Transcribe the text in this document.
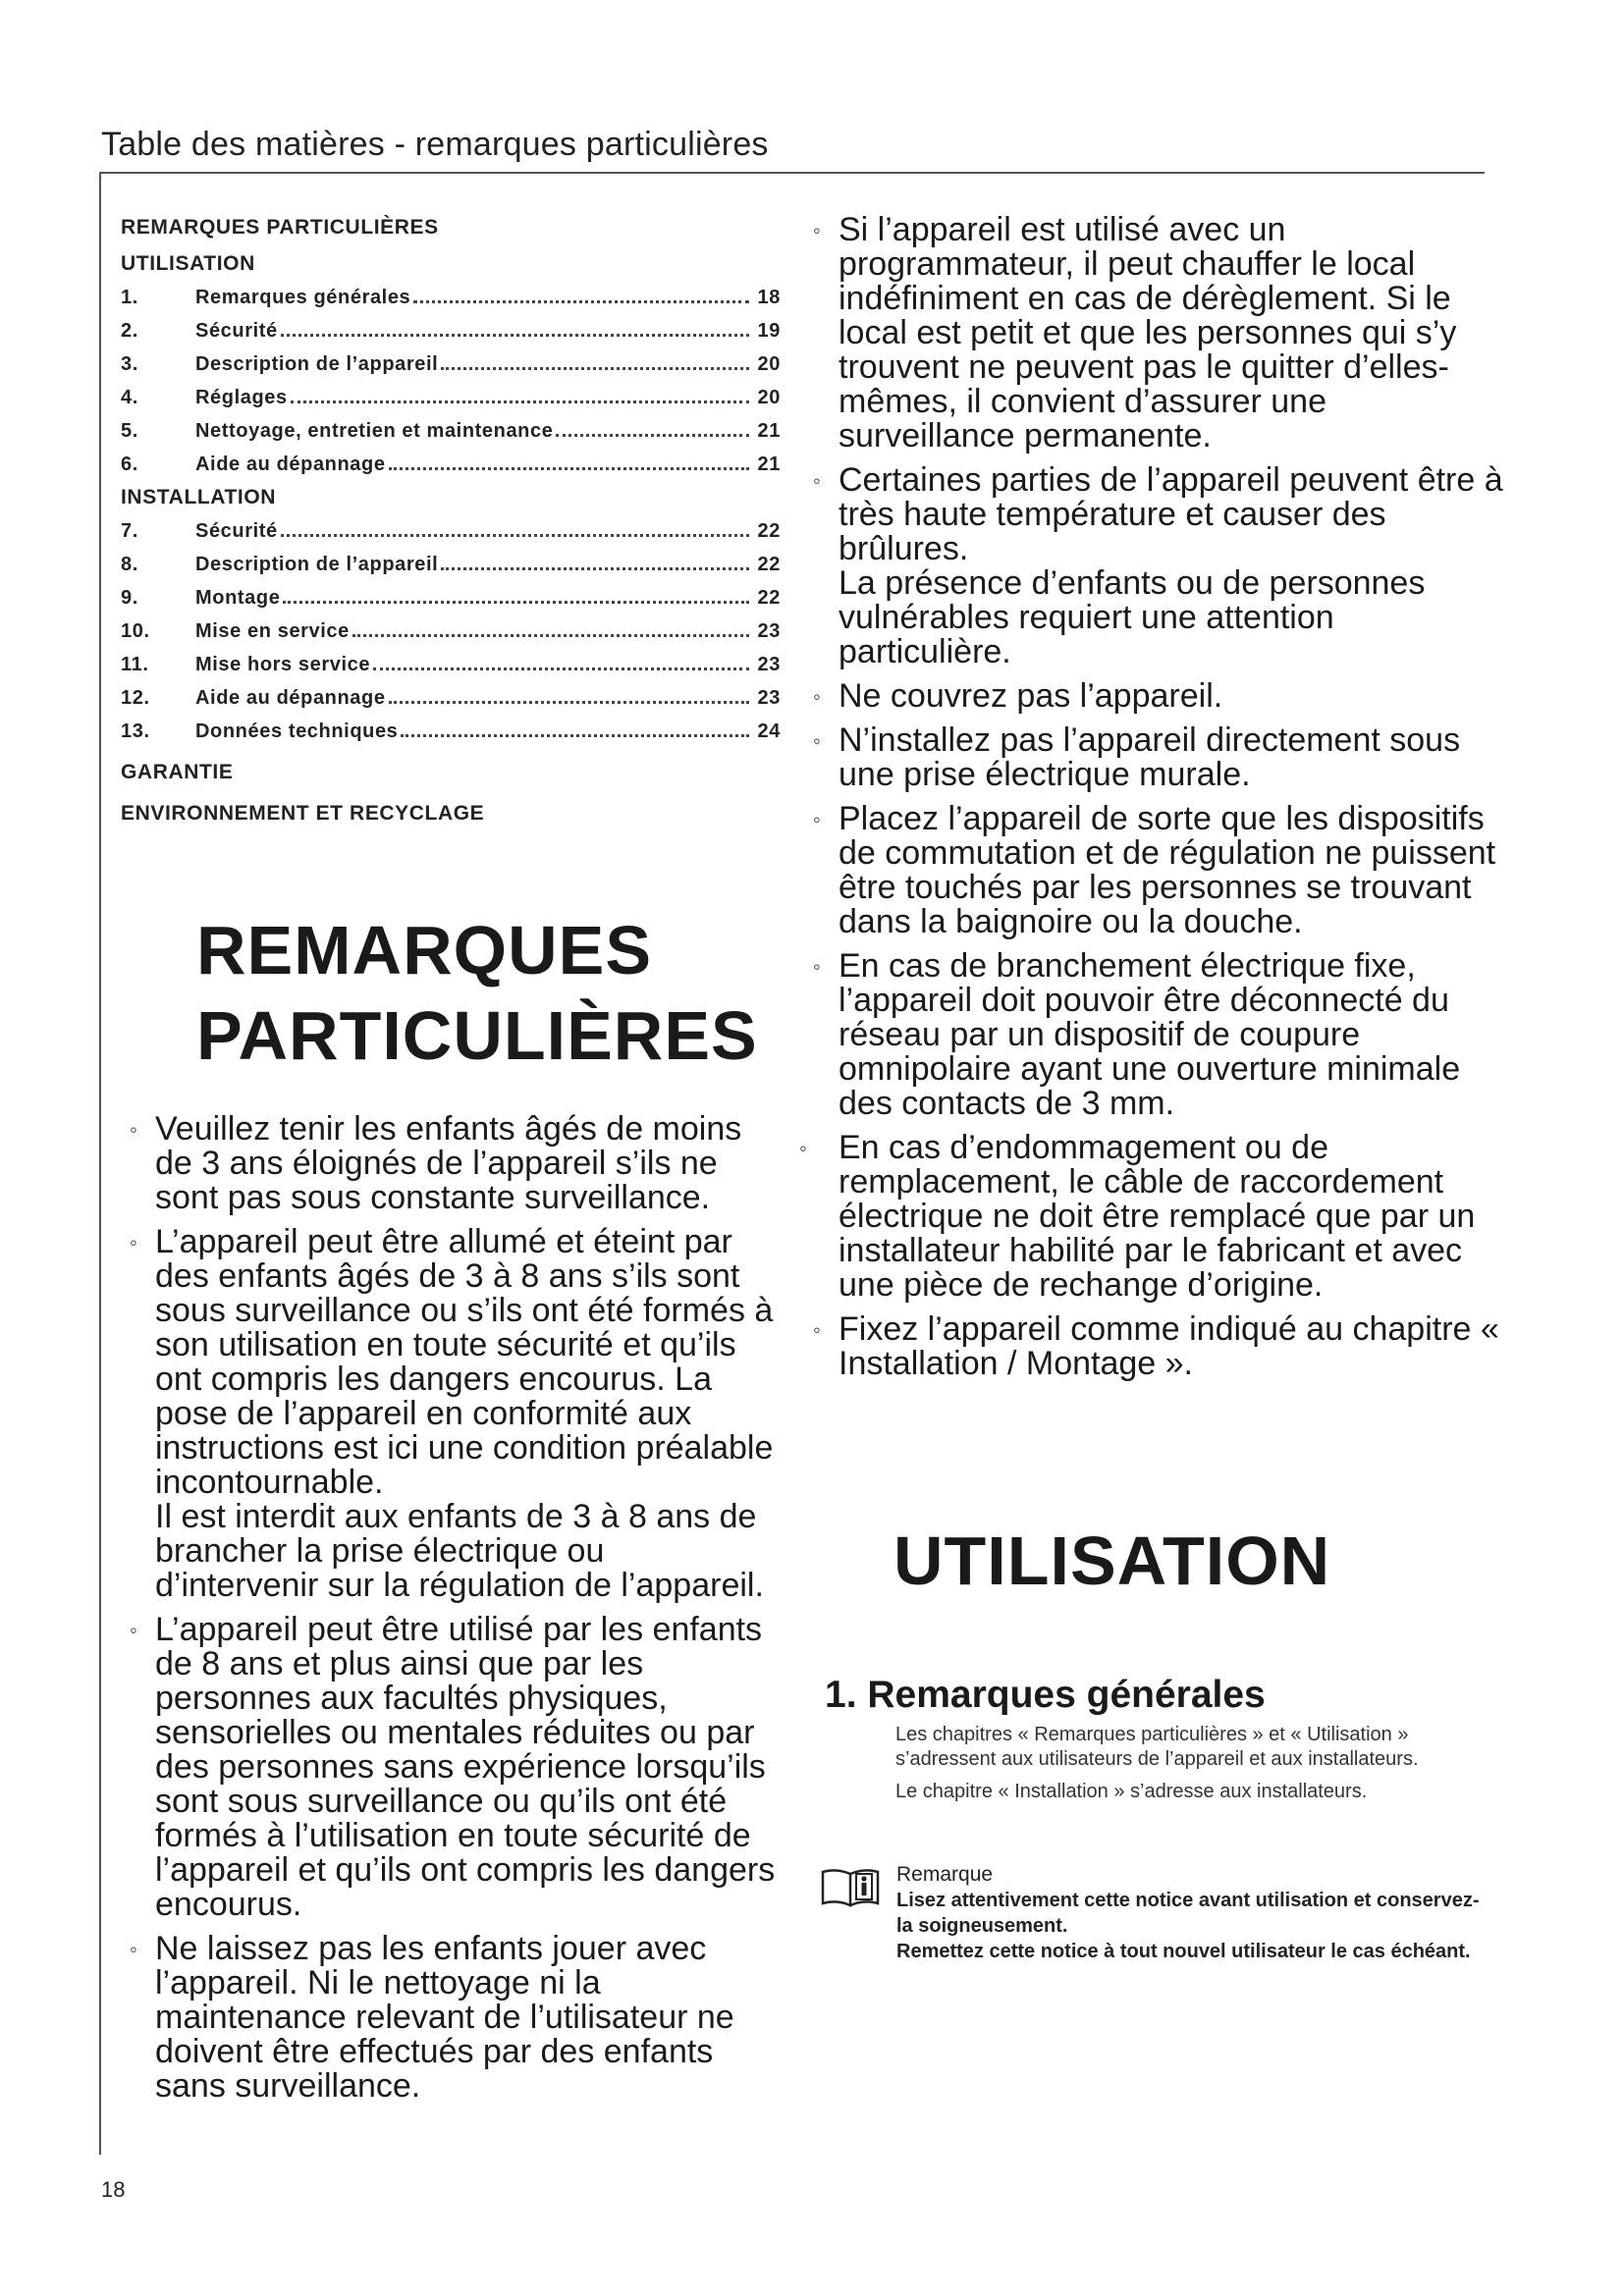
Table des matières - remarques particulières
REMARQUES PARTICULIÈRES
UTILISATION
1.	Remarques générales	18
2.	Sécurité	19
3.	Description de l’appareil	20
4.	Réglages	20
5.	Nettoyage, entretien et maintenance	21
6.	Aide au dépannage	21
INSTALLATION
7.	Sécurité	22
8.	Description de l’appareil	22
9.	Montage	22
10.	Mise en service	23
11.	Mise hors service	23
12.	Aide au dépannage	23
13.	Données techniques	24
GARANTIE
ENVIRONNEMENT ET RECYCLAGE
REMARQUES
PARTICULIÈRES

◦ Veuillez tenir les enfants âgés de moins de 3 ans éloignés de l’appareil s’ils ne sont pas sous constante surveillance.

◦ L’appareil peut être allumé et éteint par des enfants âgés de 3 à 8 ans s’ils sont sous surveillance ou s’ils ont été formés à son utilisation en toute sécurité et qu’ils ont compris les dangers encourus. La pose de l’appareil en conformité aux instructions est ici une condition préalable incontournable.

Il est interdit aux enfants de 3 à 8 ans de brancher la prise électrique ou d’intervenir sur la régulation de l’appareil.

◦ L’appareil peut être utilisé par les enfants de 8 ans et plus ainsi que par les personnes aux facultés physiques, sensorielles ou mentales réduites ou par des personnes sans expérience lorsqu’ils sont sous surveillance ou qu’ils ont été formés à l’utilisation en toute sécurité de l’appareil et qu’ils ont compris les dangers encourus.

◦ Ne laissez pas les enfants jouer avec l’appareil. Ni le nettoyage ni la maintenance relevant de l’utilisateur ne doivent être effectués par des enfants sans surveillance.

◦ Si l’appareil est utilisé avec un programmateur, il peut chauffer le local indéfiniment en cas de dérèglement. Si le local est petit et que les personnes qui s’y trouvent ne peuvent pas le quitter d’elles-mêmes, il convient d’assurer une surveillance permanente.

◦ Certaines parties de l’appareil peuvent être à très haute température et causer des brûlures.

La présence d’enfants ou de personnes vulnérables requiert une attention particulière.

◦ Ne couvrez pas l’appareil.

◦ N’installez pas l’appareil directement sous une prise électrique murale.

◦ Placez l’appareil de sorte que les dispositifs de commutation et de régulation ne puissent être touchés par les personnes se trouvant dans la baignoire ou la douche.

◦ En cas de branchement électrique fixe, l’appareil doit pouvoir être déconnecté du réseau par un dispositif de coupure omnipolaire ayant une ouverture minimale des contacts de 3 mm.

◦ En cas d’endommagement ou de remplacement, le câble de raccordement électrique ne doit être remplacé que par un installateur habilité par le fabricant et avec une pièce de rechange d’origine.

◦ Fixez l’appareil comme indiqué au chapitre « Installation / Montage ».

UTILISATION
1. Remarques générales

Les chapitres « Remarques particulières » et « Utilisation » s’adressent aux utilisateurs de l’appareil et aux installateurs.

Le chapitre « Installation » s’adresse aux installateurs.

Remarque
Lisez attentivement cette notice avant utilisation et conservez-la soigneusement.
Remettez cette notice à tout nouvel utilisateur le cas échéant.
18
